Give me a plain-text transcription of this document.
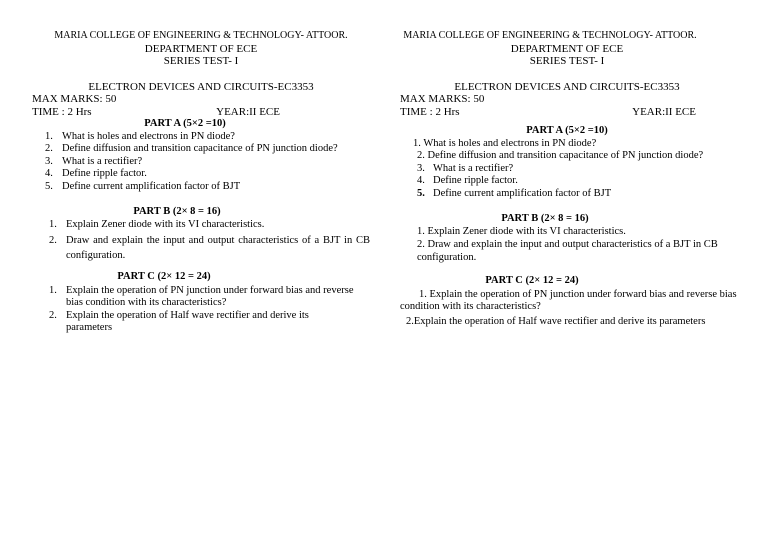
MARIA COLLEGE OF ENGINEERING & TECHNOLOGY- ATTOOR.

DEPARTMENT OF ECE

SERIES TEST- I

ELECTRON DEVICES AND CIRCUITS-EC3353

MAX MARKS: 50

TIME : 2 Hrs	YEAR:II ECE

PART A (5×2 =10)

1. What is holes and electrons in PN diode?
2. Define diffusion and transition capacitance of PN junction diode?
3. What is a rectifier?
4. Define ripple factor.
5. Define current amplification factor of BJT

PART B (2× 8 = 16)

1. Explain Zener diode with its VI characteristics.
2. Draw and explain the input and output characteristics of a BJT in CB configuration.

PART C (2× 12 = 24)

1. Explain the operation of PN junction under forward bias and reverse bias condition with its characteristics?
2. Explain the operation of Half wave rectifier and derive its parameters

MARIA COLLEGE OF ENGINEERING & TECHNOLOGY- ATTOOR.

DEPARTMENT OF ECE

SERIES TEST- I

ELECTRON DEVICES AND CIRCUITS-EC3353

MAX MARKS: 50

TIME : 2 Hrs	YEAR:II ECE

PART A (5×2 =10)

1. What is holes and electrons in PN diode?
2. Define diffusion and transition capacitance of PN junction diode?
3. What is a rectifier?
4. Define ripple factor.
5. Define current amplification factor of BJT

PART B (2× 8 = 16)

1. Explain Zener diode with its VI characteristics.
2. Draw and explain the input and output characteristics of a BJT in CB configuration.

PART C (2× 12 = 24)

1. Explain the operation of PN junction under forward bias and reverse bias condition with its characteristics?
2.Explain the operation of Half wave rectifier and derive its parameters
